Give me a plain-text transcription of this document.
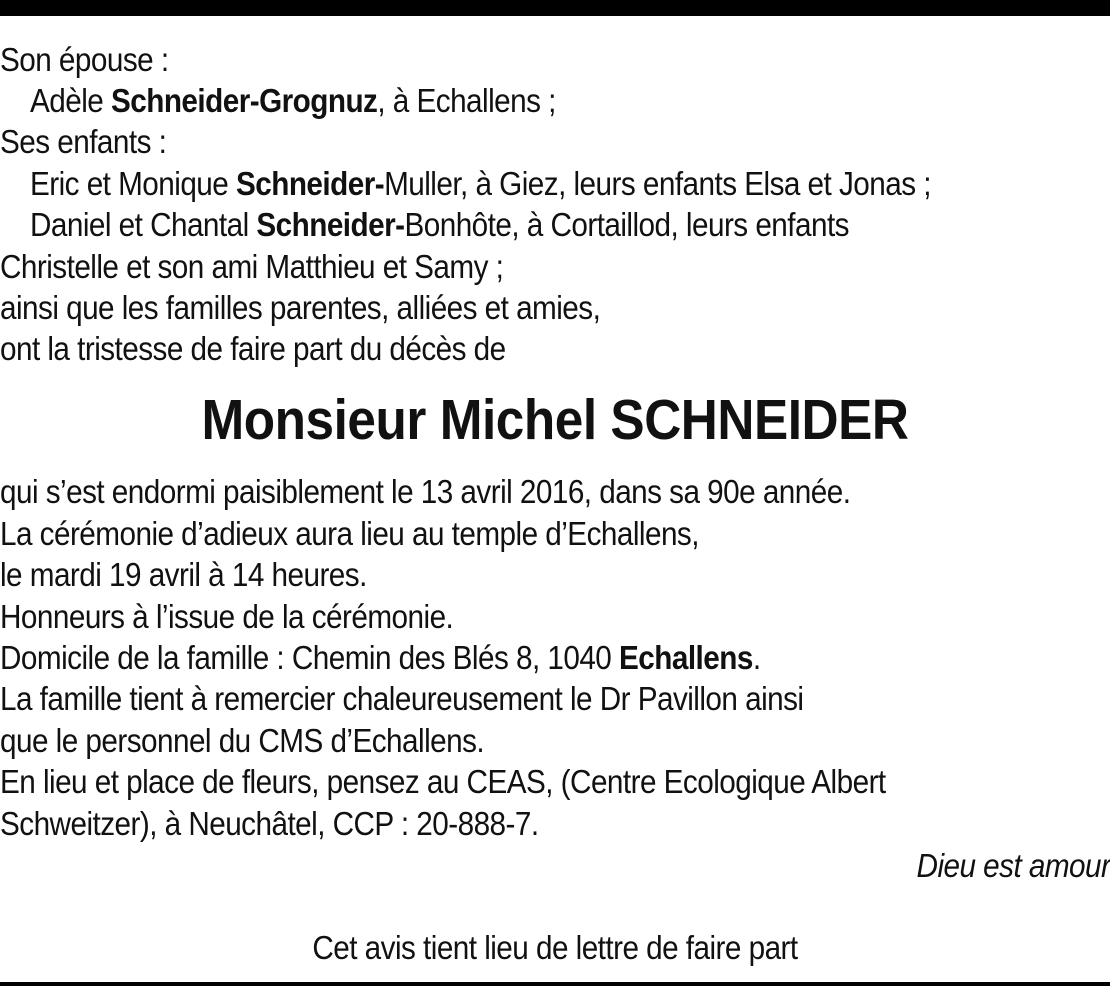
Son épouse :
Adèle Schneider-Grognuz, à Echallens ;
Ses enfants :
Eric et Monique Schneider-Muller, à Giez, leurs enfants Elsa et Jonas ;
Daniel et Chantal Schneider-Bonhôte, à Cortaillod, leurs enfants
Christelle et son ami Matthieu et Samy ;
ainsi que les familles parentes, alliées et amies,
ont la tristesse de faire part du décès de
Monsieur Michel SCHNEIDER
qui s’est endormi paisiblement le 13 avril 2016, dans sa 90e année.
La cérémonie d’adieux aura lieu au temple d’Echallens,
le mardi 19 avril à 14 heures.
Honneurs à l’issue de la cérémonie.
Domicile de la famille : Chemin des Blés 8, 1040 Echallens.
La famille tient à remercier chaleureusement le Dr Pavillon ainsi
que le personnel du CMS d’Echallens.
En lieu et place de fleurs, pensez au CEAS, (Centre Ecologique Albert
Schweitzer), à Neuchâtel, CCP : 20-888-7.
Dieu est amour
Cet avis tient lieu de lettre de faire part
